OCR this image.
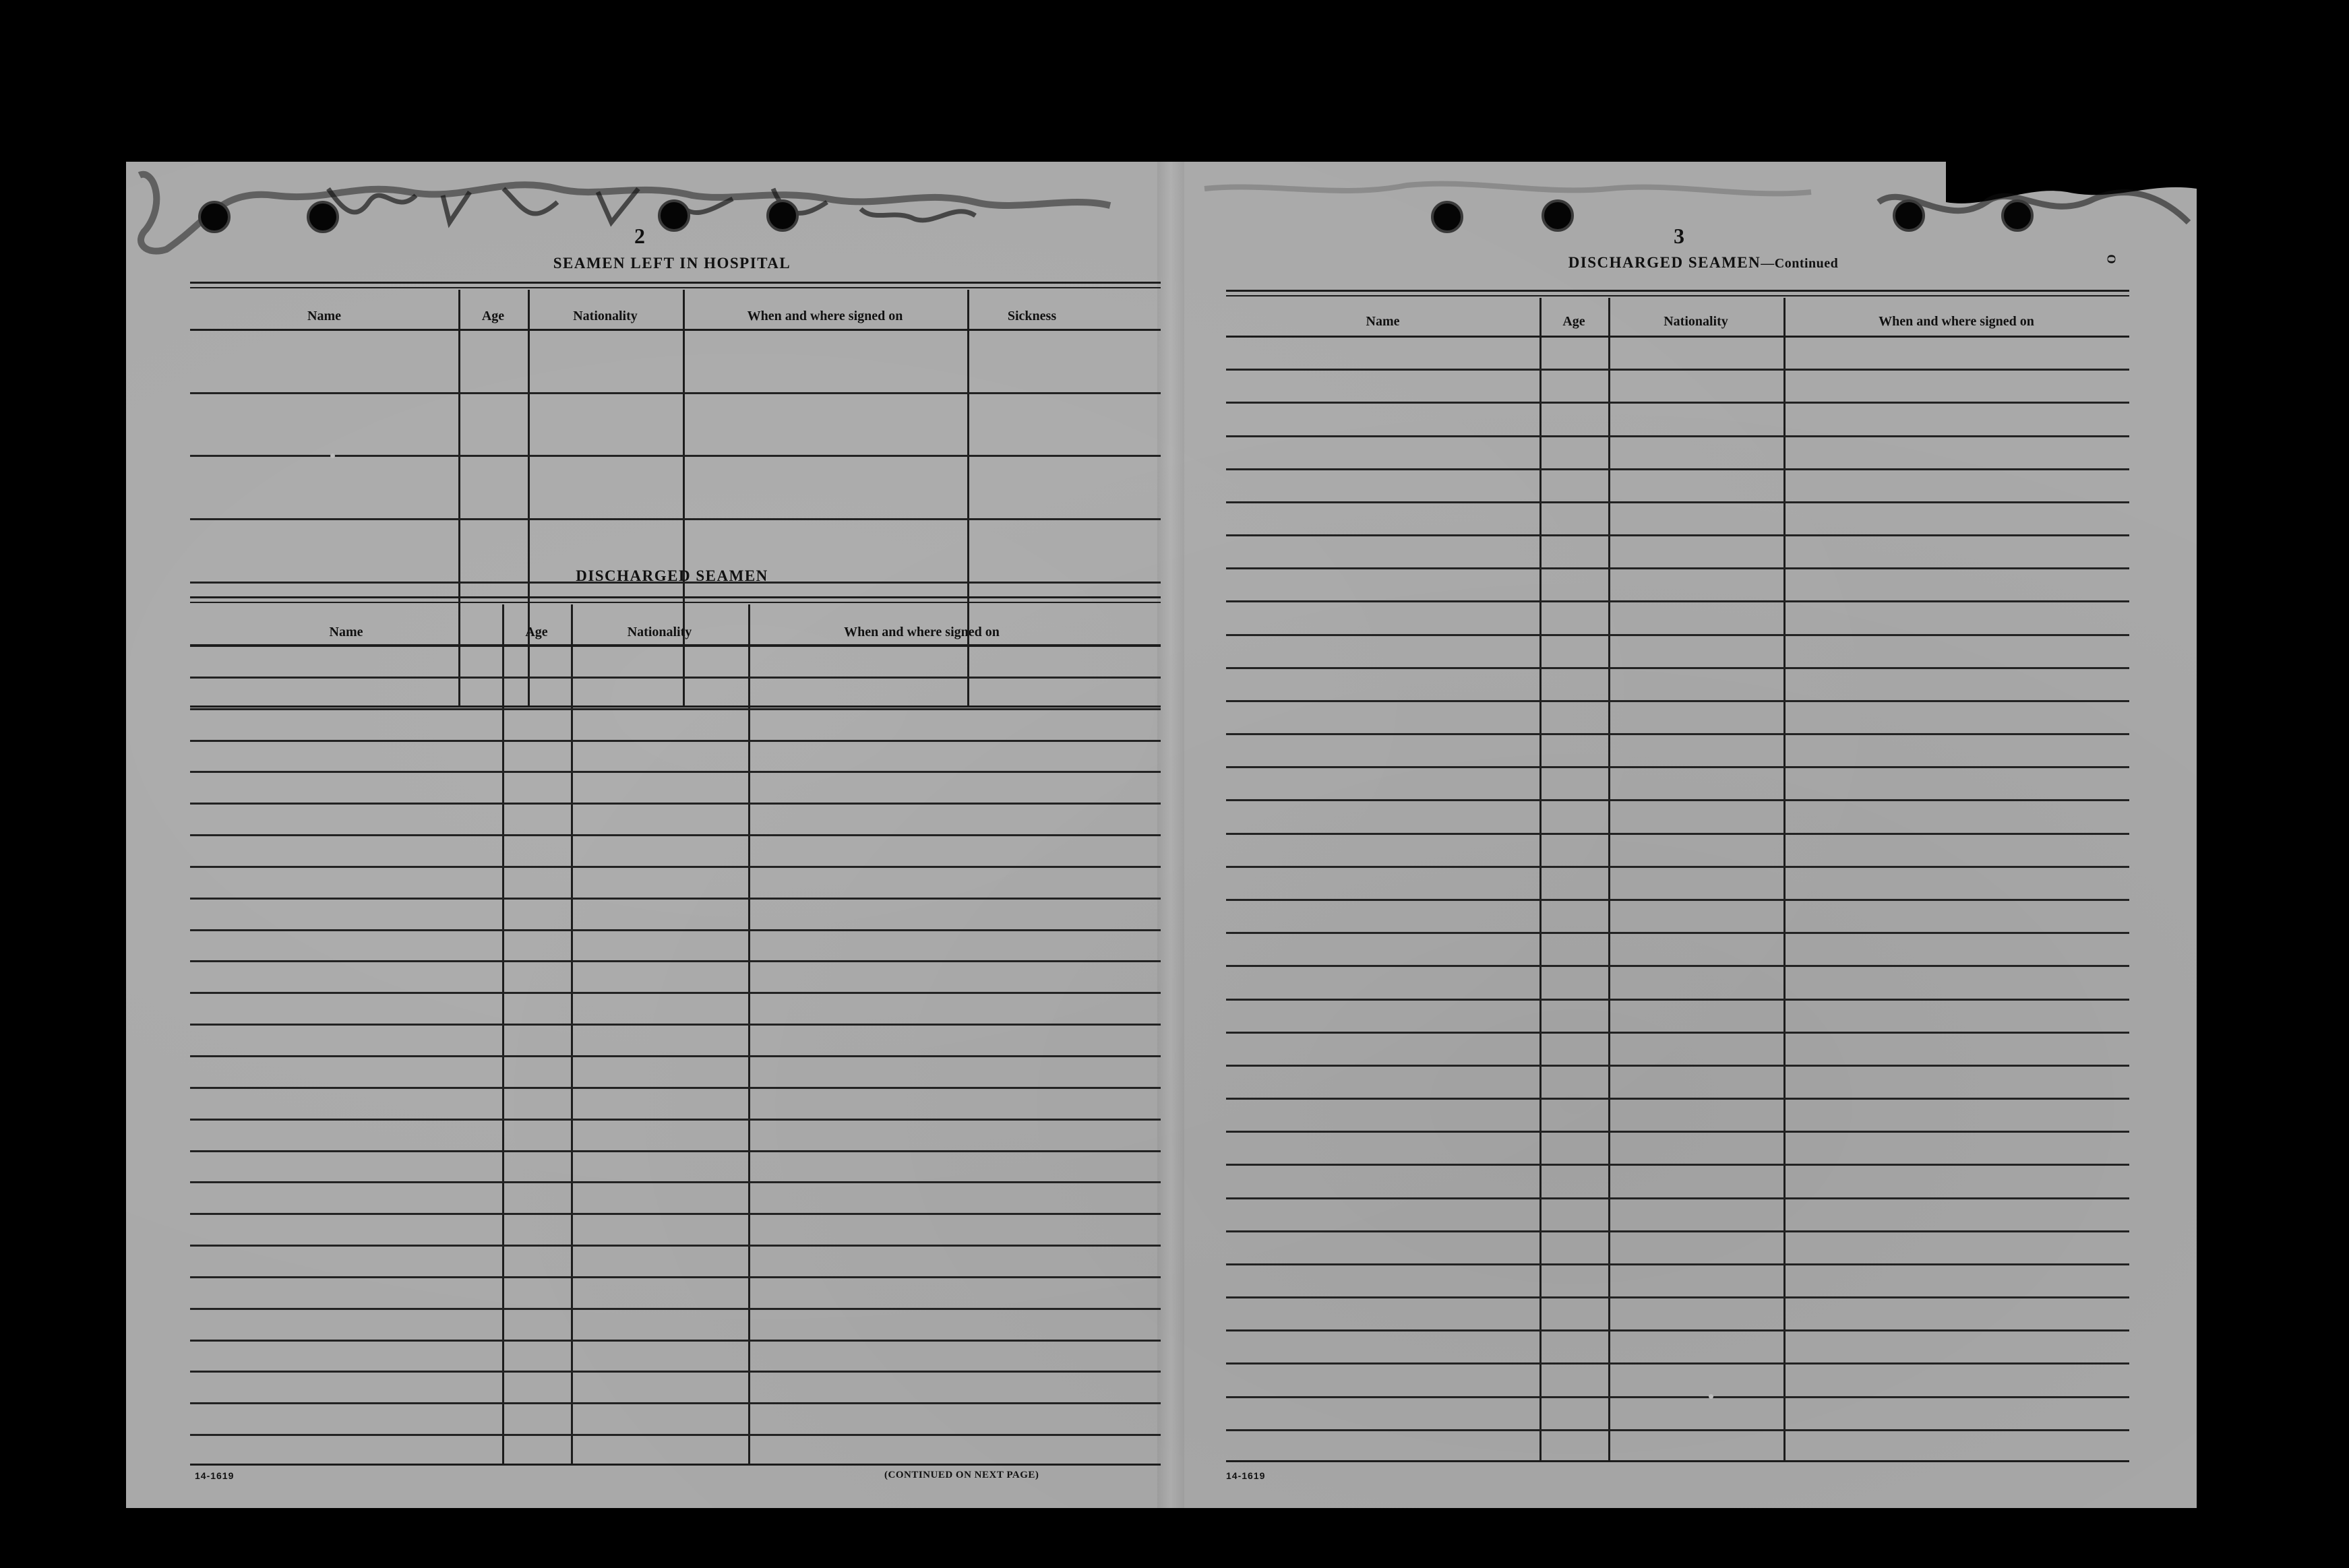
2
SEAMEN LEFT IN HOSPITAL
Name	Age	Nationality	When and where signed on	Sickness
DISCHARGED SEAMEN
Name	Age	Nationality	When and where signed on
14-1619	(CONTINUED ON NEXT PAGE)
3
DISCHARGED SEAMEN—Continued	O
Name	Age	Nationality	When and where signed on
14-1619
